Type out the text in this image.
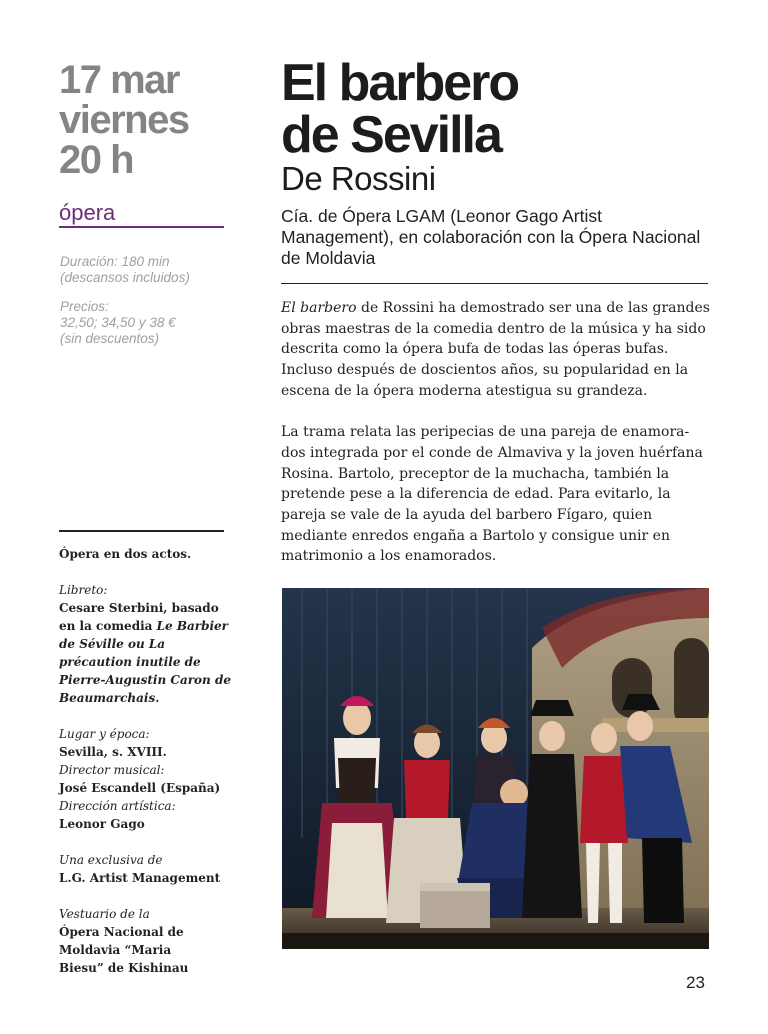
17 mar
viernes
20 h
ópera
Duración: 180 min
(descansos incluidos)
Precios:
32,50; 34,50 y 38 €
(sin descuentos)
Ópera en dos actos.
Libreto:
Cesare Sterbini, basado en la comedia Le Barbier de Séville ou La précaution inutile de Pierre-Augustin Caron de Beaumarchais.
Lugar y época:
Sevilla, s. XVIII.
Director musical:
José Escandell (España)
Dirección artística:
Leonor Gago
Una exclusiva de
L.G. Artist Management
Vestuario de la
Ópera Nacional de Moldavia “Maria Biesu” de Kishinau
El barbero
de Sevilla
De Rossini
Cía. de Ópera LGAM (Leonor Gago Artist Management), en colaboración con la Ópera Nacional de Moldavia

El barbero de Rossini ha demostrado ser una de las grandes obras maestras de la comedia dentro de la música y ha sido descrita como la ópera bufa de todas las óperas bufas. Incluso después de doscientos años, su popularidad en la escena de la ópera moderna atestigua su grandeza.

La trama relata las peripecias de una pareja de enamora-dos integrada por el conde de Almaviva y la joven huérfana Rosina. Bartolo, preceptor de la muchacha, también la pretende pese a la diferencia de edad. Para evitarlo, la pareja se vale de la ayuda del barbero Fígaro, quien mediante enredos engaña a Bartolo y consigue unir en matrimonio a los enamorados.

23
